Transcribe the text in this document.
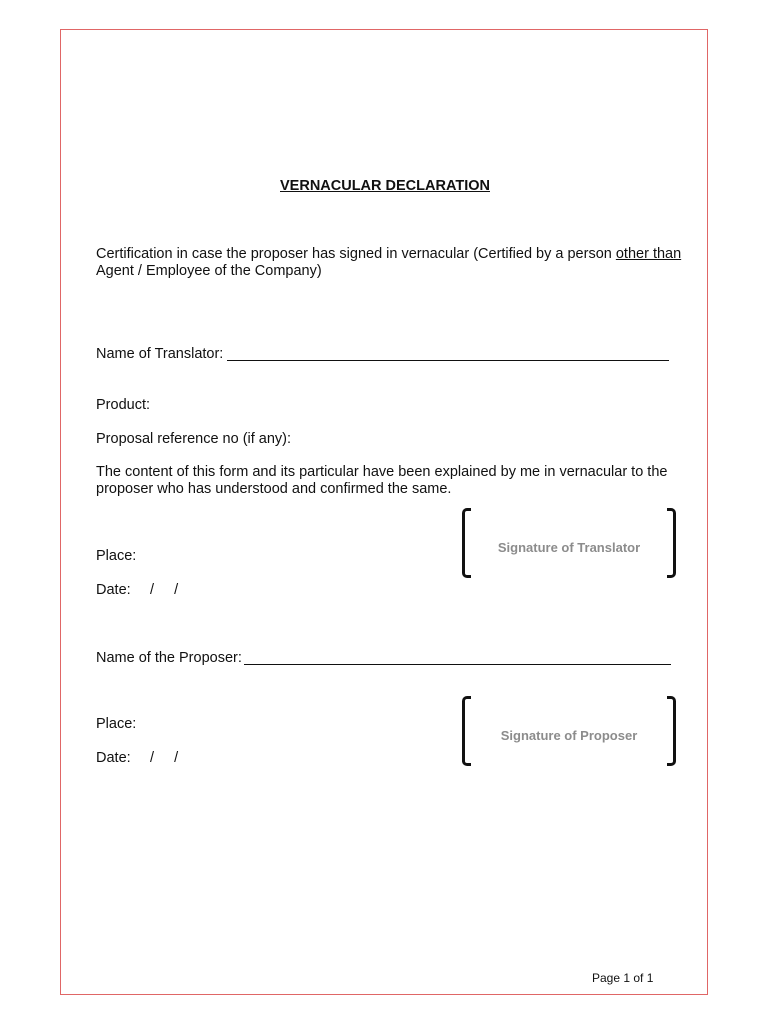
VERNACULAR DECLARATION
Certification in case the proposer has signed in vernacular (Certified by a person other than
Agent / Employee of the Company)
Name of Translator:
Product:
Proposal reference no (if any):
The content of this form and its particular have been explained by me in vernacular to the
proposer who has understood and confirmed the same.
Signature of Translator
Place:
Date: /     /
Name of the Proposer:
Signature of Proposer
Place:
Date: /     /
Page 1 of 1
